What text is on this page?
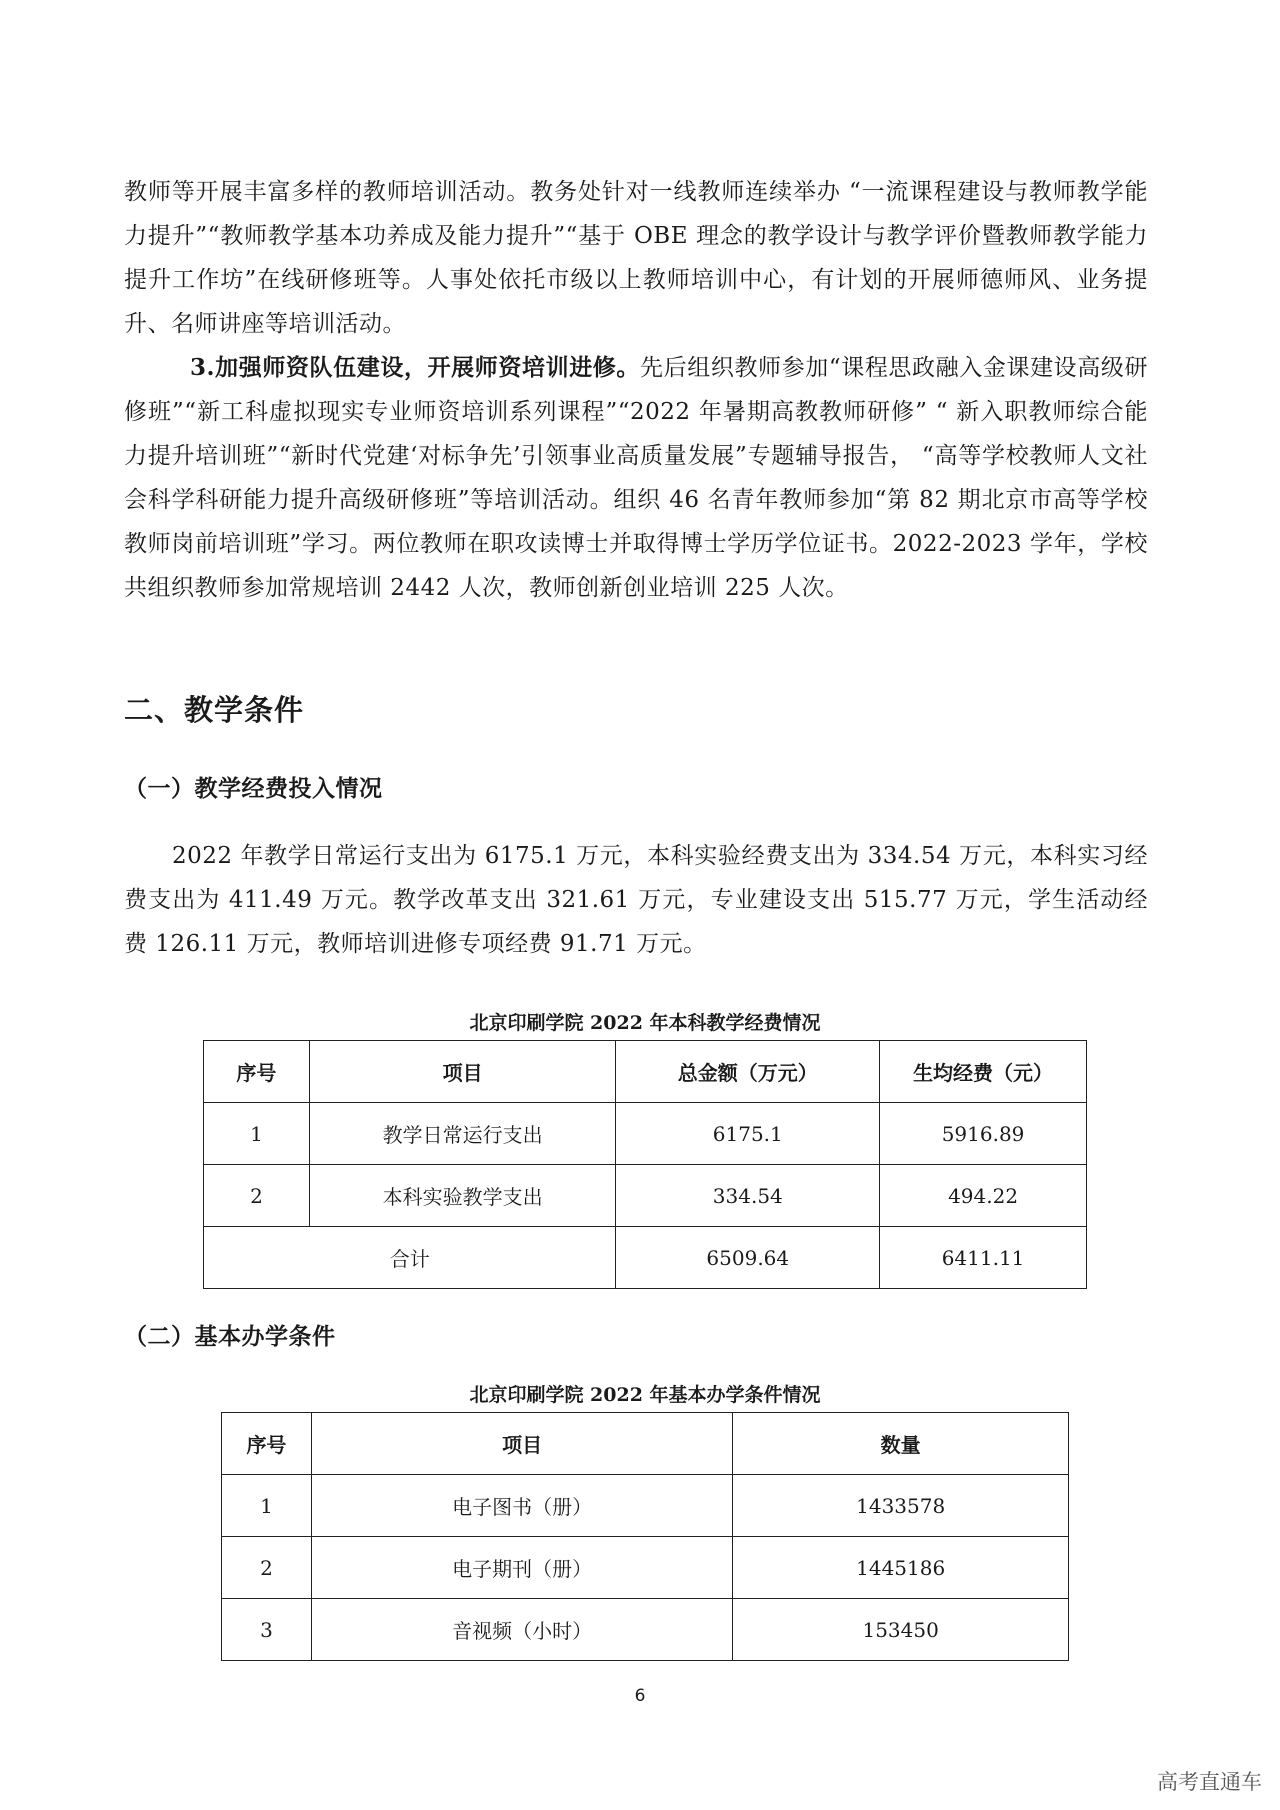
教师等开展丰富多样的教师培训活动。教务处针对一线教师连续举办 “一流课程建设与教师教学能力提升”“教师教学基本功养成及能力提升”“基于 OBE 理念的教学设计与教学评价暨教师教学能力提升工作坊”在线研修班等。人事处依托市级以上教师培训中心，有计划的开展师德师风、业务提升、名师讲座等培训活动。

3.加强师资队伍建设，开展师资培训进修。先后组织教师参加“课程思政融入金课建设高级研修班”“新工科虚拟现实专业师资培训系列课程”“2022 年暑期高教教师研修” “ 新入职教师综合能力提升培训班”“新时代党建‘对标争先’引领事业高质量发展”专题辅导报告， “高等学校教师人文社会科学科研能力提升高级研修班”等培训活动。组织 46 名青年教师参加“第 82 期北京市高等学校教师岗前培训班”学习。两位教师在职攻读博士并取得博士学历学位证书。2022-2023 学年，学校共组织教师参加常规培训 2442 人次，教师创新创业培训 225 人次。

二、教学条件
（一）教学经费投入情况

2022 年教学日常运行支出为 6175.1 万元，本科实验经费支出为 334.54 万元，本科实习经费支出为 411.49 万元。教学改革支出 321.61 万元，专业建设支出 515.77 万元，学生活动经费 126.11 万元，教师培训进修专项经费 91.71 万元。

北京印刷学院 2022 年本科教学经费情况

序号	项目	总金额（万元）	生均经费（元）
1	教学日常运行支出	6175.1	5916.89
2	本科实验教学支出	334.54	494.22
合计		6509.64	6411.11
（二）基本办学条件

北京印刷学院 2022 年基本办学条件情况

序号	项目	数量
1	电子图书（册）	1433578
2	电子期刊（册）	1445186
3	音视频（小时）	153450
6
高考直通车
